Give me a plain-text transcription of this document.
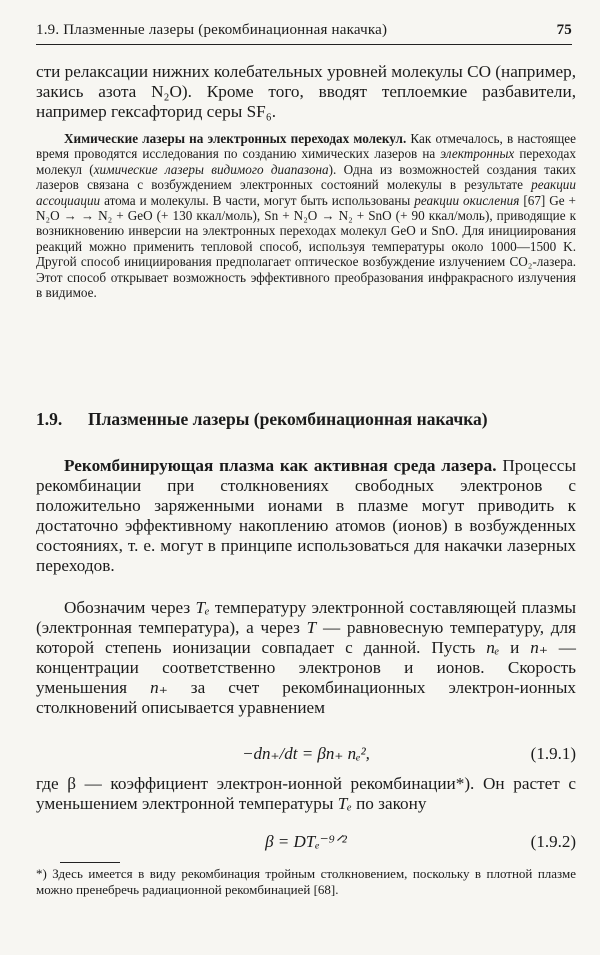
1.9. Плазменные лазеры (рекомбинационная накачка)	75

сти релаксации нижних колебательных уровней молекулы CO (например, закись азота N₂O). Кроме того, вводят теплоемкие разбавители, например гексафторид серы SF₆.

Химические лазеры на электронных переходах молекул. Как отмечалось, в настоящее время проводятся исследования по созданию химических лазеров на электронных переходах молекул (химические лазеры видимого диапазона). Одна из возможностей создания таких лазеров связана с возбуждением электронных состояний молекулы в результате реакции ассоциации атома и молекулы. В части, могут быть использованы реакции окисления [67] Ge + N₂O → → N₂ + GeO (+ 130 ккал/моль), Sn + N₂O → N₂ + SnO (+ 90 ккал/моль), приводящие к возникновению инверсии на электронных переходах молекул GeO и SnO. Для инициирования реакций можно применить тепловой способ, используя температуры около 1000—1500 K. Другой способ инициирования предполагает оптическое возбуждение излучением CO₂-лазера. Этот способ открывает возможность эффективного преобразования инфракрасного излучения в видимое.

1.9. Плазменные лазеры (рекомбинационная накачка)

Рекомбинирующая плазма как активная среда лазера. Процессы рекомбинации при столкновениях свободных электронов с положительно заряженными ионами в плазме могут приводить к достаточно эффективному накоплению атомов (ионов) в возбужденных состояниях, т. е. могут в принципе использоваться для накачки лазерных переходов.

Обозначим через Tₑ температуру электронной составляющей плазмы (электронная температура), а через T — равновесную температуру, для которой степень ионизации совпадает с данной. Пусть nₑ и n₊ — концентрации соответственно электронов и ионов. Скорость уменьшения n₊ за счет рекомбинационных электрон-ионных столкновений описывается уравнением

−dn₊/dt = βn₊ nₑ²,	(1.9.1)

где β — коэффициент электрон-ионной рекомбинации*). Он растет с уменьшением электронной температуры Tₑ по закону

β = DTₑ⁻⁹ᐟ²	(1.9.2)
*) Здесь имеется в виду рекомбинация тройным столкновением, поскольку в плотной плазме можно пренебречь радиационной рекомбинацией [68].
